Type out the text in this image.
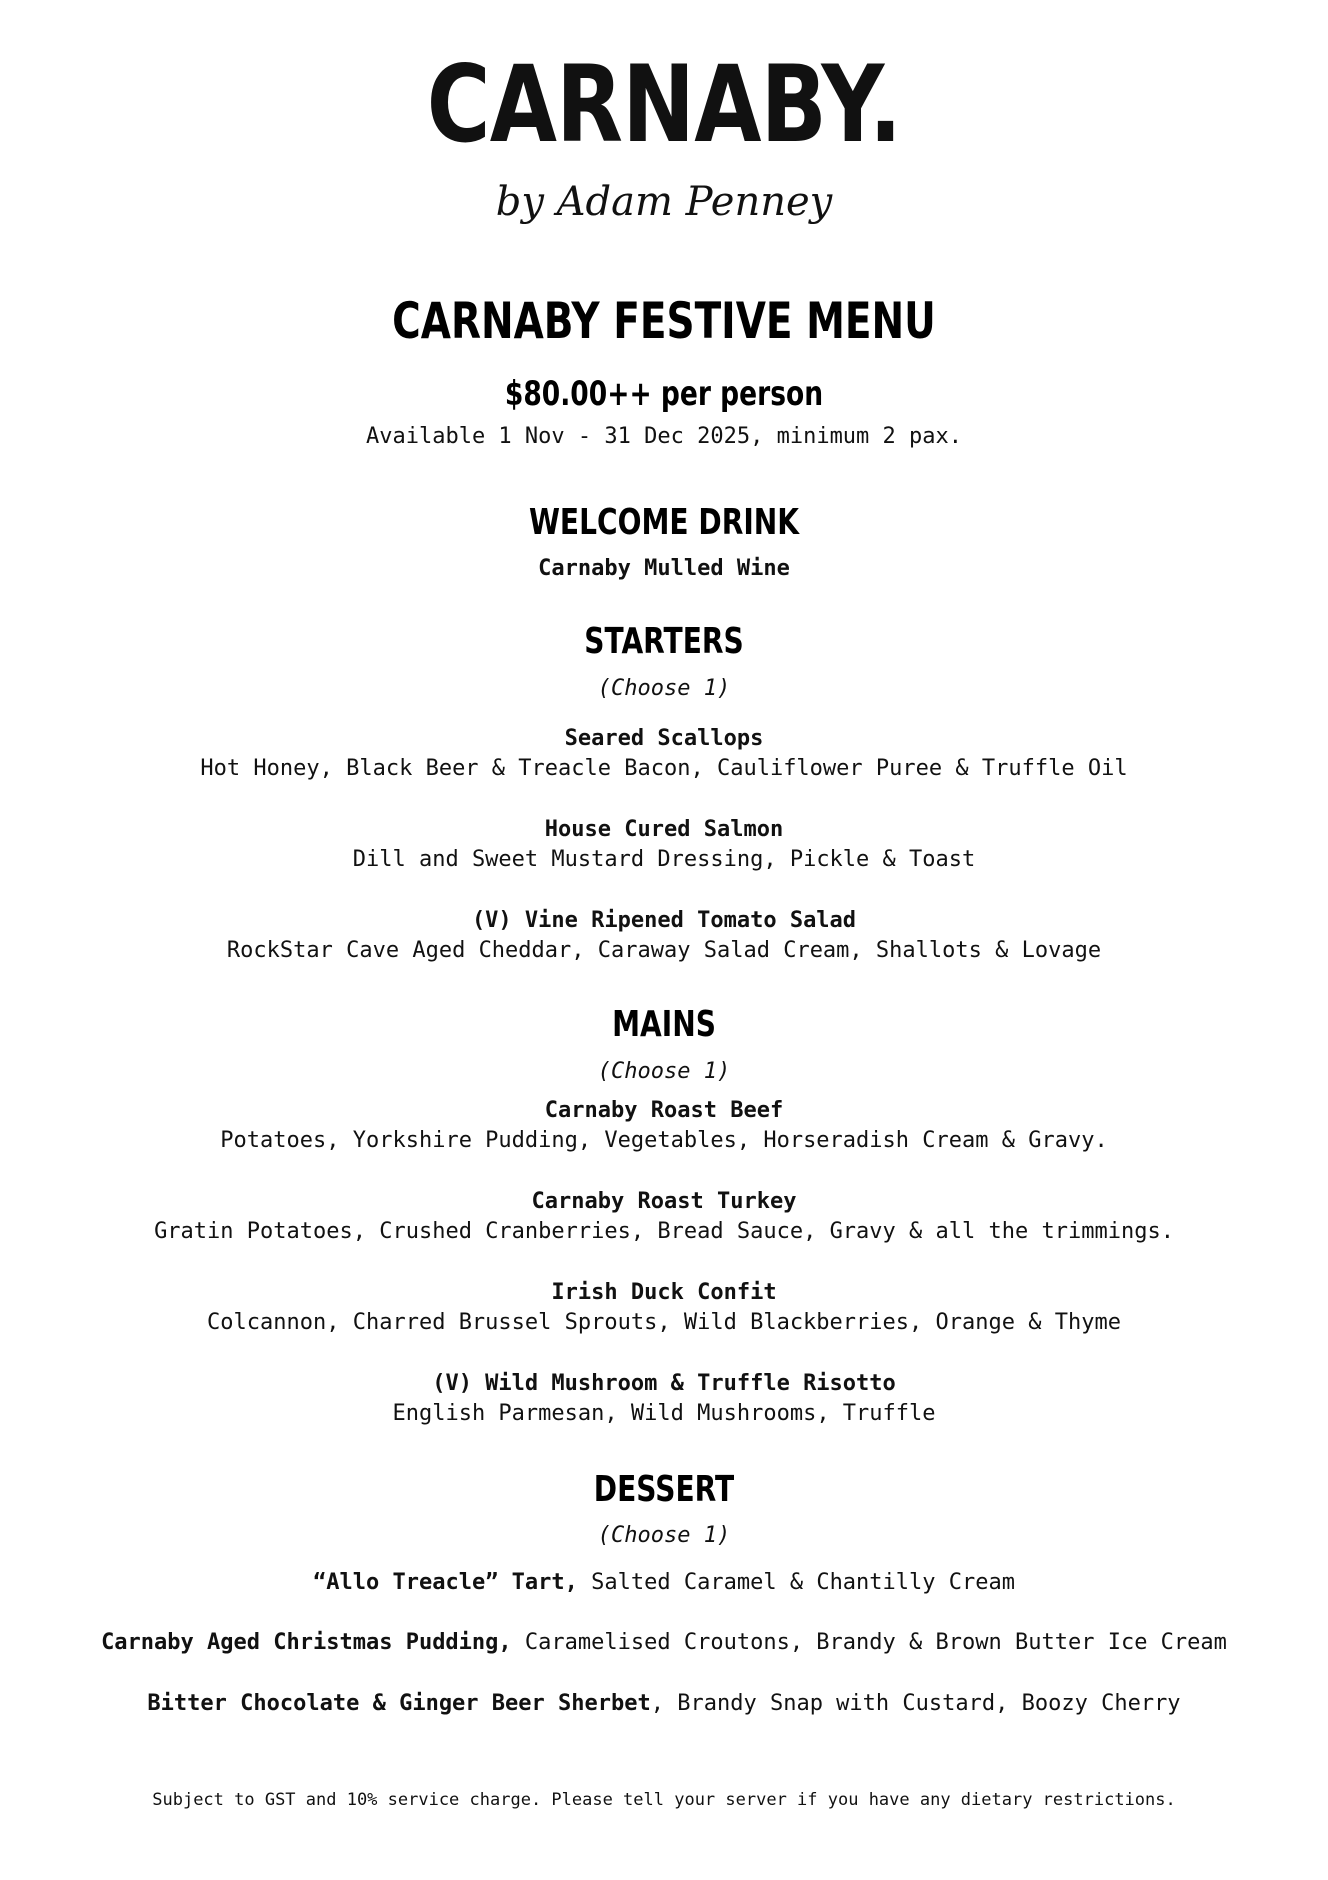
CARNABY.
by Adam Penney
CARNABY FESTIVE MENU
$80.00++ per person
Available 1 Nov - 31 Dec 2025, minimum 2 pax.
WELCOME DRINK
Carnaby Mulled Wine
STARTERS
(Choose 1)
Seared Scallops
Hot Honey, Black Beer & Treacle Bacon, Cauliflower Puree & Truffle Oil
House Cured Salmon
Dill and Sweet Mustard Dressing, Pickle & Toast
(V) Vine Ripened Tomato Salad
RockStar Cave Aged Cheddar, Caraway Salad Cream, Shallots & Lovage
MAINS
(Choose 1)
Carnaby Roast Beef
Potatoes, Yorkshire Pudding, Vegetables, Horseradish Cream & Gravy.
Carnaby Roast Turkey
Gratin Potatoes, Crushed Cranberries, Bread Sauce, Gravy & all the trimmings.
Irish Duck Confit
Colcannon, Charred Brussel Sprouts, Wild Blackberries, Orange & Thyme
(V) Wild Mushroom & Truffle Risotto
English Parmesan, Wild Mushrooms, Truffle
DESSERT
(Choose 1)
“Allo Treacle” Tart, Salted Caramel & Chantilly Cream
Carnaby Aged Christmas Pudding, Caramelised Croutons, Brandy & Brown Butter Ice Cream
Bitter Chocolate & Ginger Beer Sherbet, Brandy Snap with Custard, Boozy Cherry
Subject to GST and 10% service charge. Please tell your server if you have any dietary restrictions.
